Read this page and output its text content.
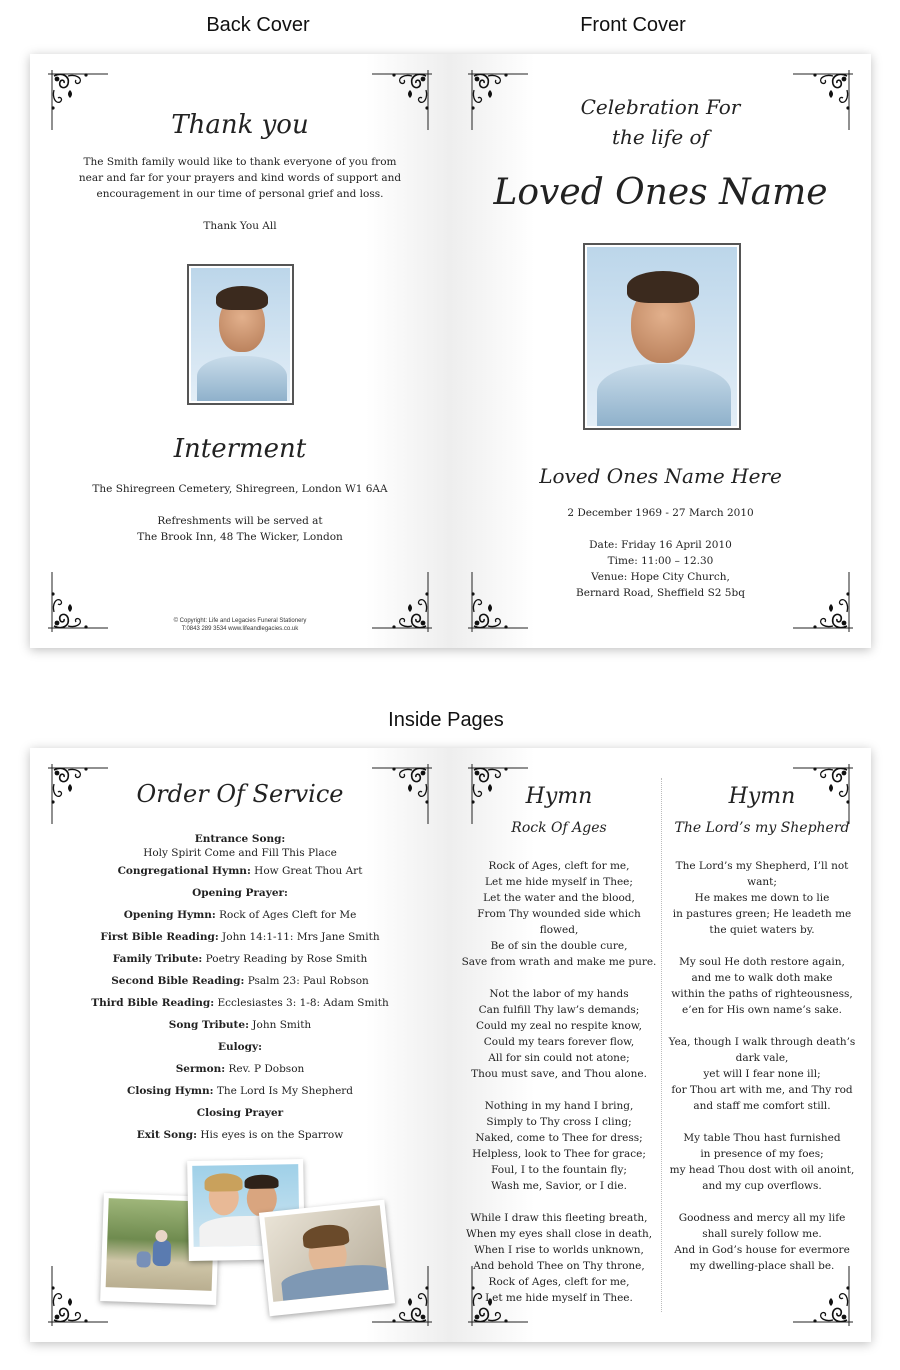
Back Cover	Front Cover
Inside Pages
Thank you

The Smith family would like to thank everyone of you from

near and far for your prayers and kind words of support and

encouragement in our time of personal grief and loss.

Thank You All

Interment

The Shiregreen Cemetery, Shiregreen, London W1 6AA

Refreshments will be served at

The Brook Inn, 48 The Wicker, London

© Copyright: Life and Legacies Funeral Stationery

T:0843 289 3534 www.lifeandlegacies.co.uk

Celebration For
the life of
Loved Ones Name
Loved Ones Name Here

2 December 1969 - 27 March 2010

Date: Friday 16 April 2010

Time: 11:00 – 12.30

Venue: Hope City Church,

Bernard Road, Sheffield S2 5bq

Order Of Service
Entrance Song:
Holy Spirit Come and Fill This Place
Congregational Hymn: How Great Thou Art
Opening Prayer:
Opening Hymn: Rock of Ages Cleft for Me
First Bible Reading: John 14:1-11: Mrs Jane Smith
Family Tribute: Poetry Reading by Rose Smith
Second Bible Reading: Psalm 23: Paul Robson
Third Bible Reading: Ecclesiastes 3: 1-8: Adam Smith
Song Tribute: John Smith
Eulogy:
Sermon: Rev. P Dobson
Closing Hymn: The Lord Is My Shepherd
Closing Prayer
Exit Song: His eyes is on the Sparrow
Hymn
Rock Of Ages

Rock of Ages, cleft for me,

Let me hide myself in Thee;

Let the water and the blood,

From Thy wounded side which flowed,

Be of sin the double cure,

Save from wrath and make me pure.

Not the labor of my hands

Can fulfill Thy law’s demands;

Could my zeal no respite know,

Could my tears forever flow,

All for sin could not atone;

Thou must save, and Thou alone.

Nothing in my hand I bring,

Simply to Thy cross I cling;

Naked, come to Thee for dress;

Helpless, look to Thee for grace;

Foul, I to the fountain fly;

Wash me, Savior, or I die.

While I draw this fleeting breath,

When my eyes shall close in death,

When I rise to worlds unknown,

And behold Thee on Thy throne,

Rock of Ages, cleft for me,

Let me hide myself in Thee.

Hymn
The Lord’s my Shepherd

The Lord’s my Shepherd, I’ll not want;

He makes me down to lie

in pastures green; He leadeth me

the quiet waters by.

My soul He doth restore again,

and me to walk doth make

within the paths of righteousness,

e’en for His own name’s sake.

Yea, though I walk through death’s dark vale,

yet will I fear none ill;

for Thou art with me, and Thy rod

and staff me comfort still.

My table Thou hast furnished

in presence of my foes;

my head Thou dost with oil anoint,

and my cup overflows.

Goodness and mercy all my life

shall surely follow me.

And in God’s house for evermore

my dwelling-place shall be.
